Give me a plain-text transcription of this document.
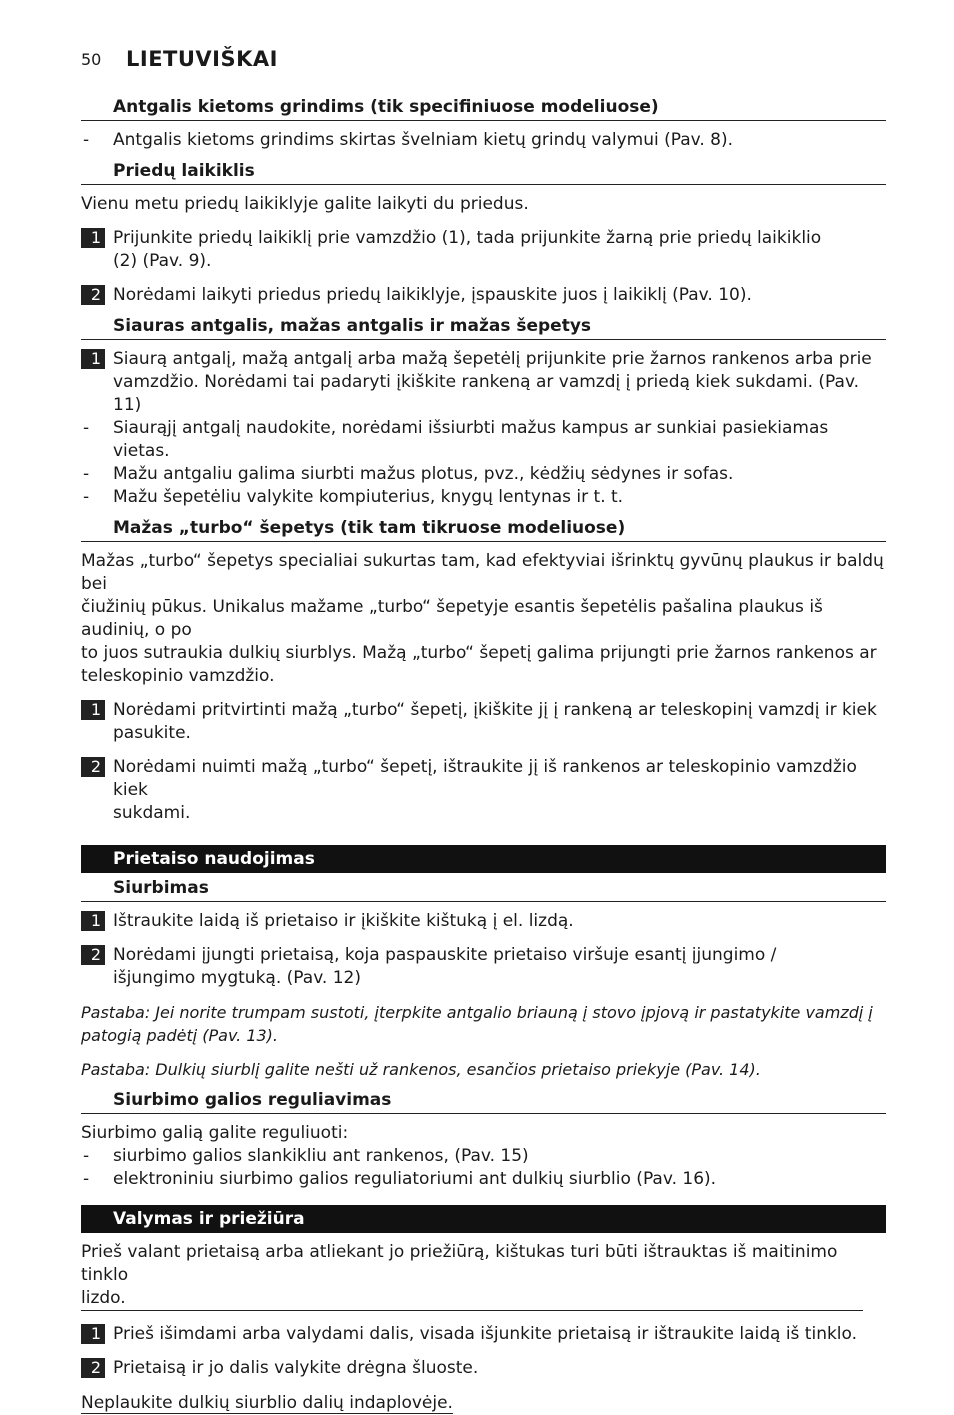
50 LIETUVIŠKAI
Antgalis kietoms grindims (tik specifiniuose modeliuose)
- Antgalis kietoms grindims skirtas švelniam kietų grindų valymui (Pav. 8).
Priedų laikiklis
Vienu metu priedų laikiklyje galite laikyti du priedus.
1 Prijunkite priedų laikiklį prie vamzdžio (1), tada prijunkite žarną prie priedų laikiklio
(2) (Pav. 9).
2 Norėdami laikyti priedus priedų laikiklyje, įspauskite juos į laikiklį (Pav. 10).
Siauras antgalis, mažas antgalis ir mažas šepetys
1 Siaurą antgalį, mažą antgalį arba mažą šepetėlį prijunkite prie žarnos rankenos arba prie
vamzdžio. Norėdami tai padaryti įkiškite rankeną ar vamzdį į priedą kiek sukdami. (Pav. 11)
- Siaurąjį antgalį naudokite, norėdami išsiurbti mažus kampus ar sunkiai pasiekiamas vietas.
- Mažu antgaliu galima siurbti mažus plotus, pvz., kėdžių sėdynes ir sofas.
- Mažu šepetėliu valykite kompiuterius, knygų lentynas ir t. t.
Mažas „turbo“ šepetys (tik tam tikruose modeliuose)
Mažas „turbo“ šepetys specialiai sukurtas tam, kad efektyviai išrinktų gyvūnų plaukus ir baldų bei
čiužinių pūkus. Unikalus mažame „turbo“ šepetyje esantis šepetėlis pašalina plaukus iš audinių, o po
to juos sutraukia dulkių siurblys. Mažą „turbo“ šepetį galima prijungti prie žarnos rankenos ar
teleskopinio vamzdžio.
1 Norėdami pritvirtinti mažą „turbo“ šepetį, įkiškite jį į rankeną ar teleskopinį vamzdį ir kiek
pasukite.
2 Norėdami nuimti mažą „turbo“ šepetį, ištraukite jį iš rankenos ar teleskopinio vamzdžio kiek
sukdami.
Prietaiso naudojimas
Siurbimas
1 Ištraukite laidą iš prietaiso ir įkiškite kištuką į el. lizdą.
2 Norėdami įjungti prietaisą, koja paspauskite prietaiso viršuje esantį įjungimo /
išjungimo mygtuką. (Pav. 12)
Pastaba: Jei norite trumpam sustoti, įterpkite antgalio briauną į stovo įpjovą ir pastatykite vamzdį į
patogią padėtį (Pav. 13).
Pastaba: Dulkių siurblį galite nešti už rankenos, esančios prietaiso priekyje (Pav. 14).
Siurbimo galios reguliavimas
Siurbimo galią galite reguliuoti:
- siurbimo galios slankikliu ant rankenos, (Pav. 15)
- elektroniniu siurbimo galios reguliatoriumi ant dulkių siurblio (Pav. 16).
Valymas ir priežiūra
Prieš valant prietaisą arba atliekant jo priežiūrą, kištukas turi būti ištrauktas iš maitinimo tinklo
lizdo.
1 Prieš išimdami arba valydami dalis, visada išjunkite prietaisą ir ištraukite laidą iš tinklo.
2 Prietaisą ir jo dalis valykite drėgna šluoste.
Neplaukite dulkių siurblio dalių indaplovėje.
